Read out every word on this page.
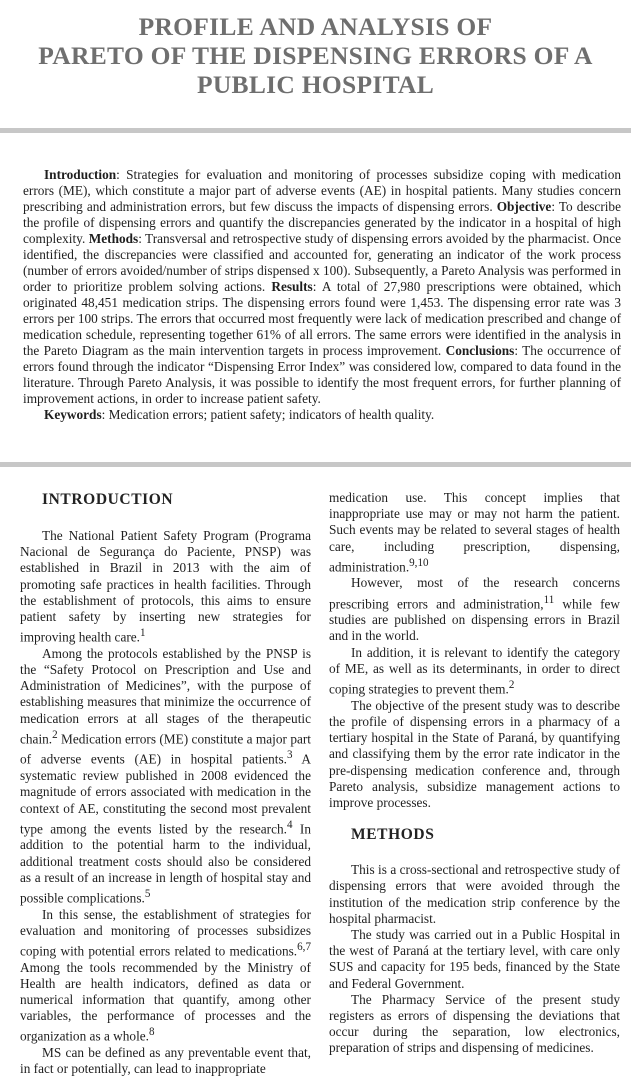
PROFILE AND ANALYSIS OF
PARETO OF THE DISPENSING ERRORS OF A
PUBLIC HOSPITAL

Introduction: Strategies for evaluation and monitoring of processes subsidize coping with medication errors (ME), which constitute a major part of adverse events (AE) in hospital patients. Many studies concern prescribing and administration errors, but few discuss the impacts of dispensing errors. Objective: To describe the profile of dispensing errors and quantify the discrepancies generated by the indicator in a hospital of high complexity. Methods: Transversal and retrospective study of dispensing errors avoided by the pharmacist. Once identified, the discrepancies were classified and accounted for, generating an indicator of the work process (number of errors avoided/number of strips dispensed x 100). Subsequently, a Pareto Analysis was performed in order to prioritize problem solving actions. Results: A total of 27,980 prescriptions were obtained, which originated 48,451 medication strips. The dispensing errors found were 1,453. The dispensing error rate was 3 errors per 100 strips. The errors that occurred most frequently were lack of medication prescribed and change of medication schedule, representing together 61% of all errors. The same errors were identified in the analysis in the Pareto Diagram as the main intervention targets in process improvement. Conclusions: The occurrence of errors found through the indicator “Dispensing Error Index” was considered low, compared to data found in the literature. Through Pareto Analysis, it was possible to identify the most frequent errors, for further planning of improvement actions, in order to increase patient safety.

Keywords: Medication errors; patient safety; indicators of health quality.

INTRODUCTION

The National Patient Safety Program (Programa Nacional de Segurança do Paciente, PNSP) was established in Brazil in 2013 with the aim of promoting safe practices in health facilities. Through the establishment of protocols, this aims to ensure patient safety by inserting new strategies for improving health care.$^1$

Among the protocols established by the PNSP is the “Safety Protocol on Prescription and Use and Administration of Medicines”, with the purpose of establishing measures that minimize the occurrence of medication errors at all stages of the therapeutic chain.$^2$ Medication errors (ME) constitute a major part of adverse events (AE) in hospital patients.$^3$ A systematic review published in 2008 evidenced the magnitude of errors associated with medication in the context of AE, constituting the second most prevalent type among the events listed by the research.$^4$ In addition to the potential harm to the individual, additional treatment costs should also be considered as a result of an increase in length of hospital stay and possible complications.$^5$

In this sense, the establishment of strategies for evaluation and monitoring of processes subsidizes coping with potential errors related to medications.$^{6,7}$ Among the tools recommended by the Ministry of Health are health indicators, defined as data or numerical information that quantify, among other variables, the performance of processes and the organization as a whole.$^8$

MS can be defined as any preventable event that, in fact or potentially, can lead to inappropriate

medication use. This concept implies that inappropriate use may or may not harm the patient. Such events may be related to several stages of health care, including prescription, dispensing, administration.$^{9,10}$

However, most of the research concerns prescribing errors and administration,$^{11}$ while few studies are published on dispensing errors in Brazil and in the world.

In addition, it is relevant to identify the category of ME, as well as its determinants, in order to direct coping strategies to prevent them.$^2$

The objective of the present study was to describe the profile of dispensing errors in a pharmacy of a tertiary hospital in the State of Paraná, by quantifying and classifying them by the error rate indicator in the pre-dispensing medication conference and, through Pareto analysis, subsidize management actions to improve processes.

METHODS

This is a cross-sectional and retrospective study of dispensing errors that were avoided through the institution of the medication strip conference by the hospital pharmacist.

The study was carried out in a Public Hospital in the west of Paraná at the tertiary level, with care only SUS and capacity for 195 beds, financed by the State and Federal Government.

The Pharmacy Service of the present study registers as errors of dispensing the deviations that occur during the separation, low electronics, preparation of strips and dispensing of medicines.
